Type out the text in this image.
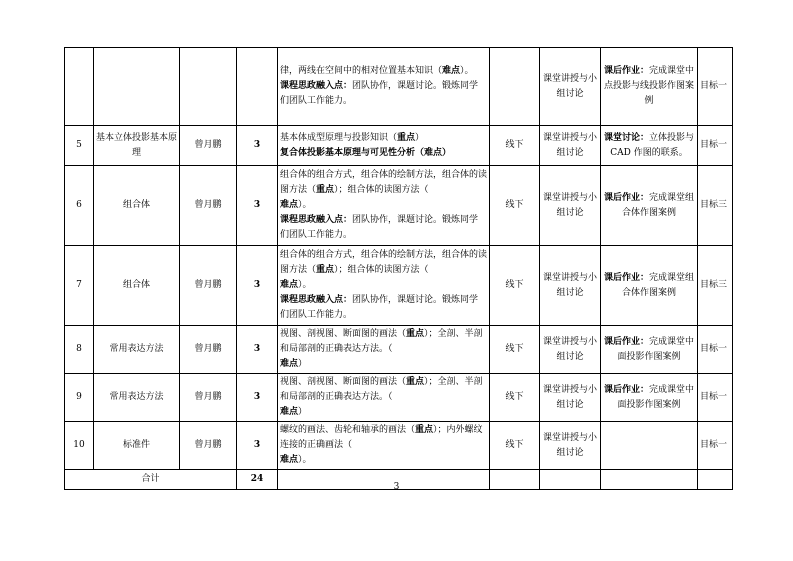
				律，两线在空间中的相对位置基本知识（难点）。
课程思政融入点：团队协作，课题讨论。锻炼同学们团队工作能力。		课堂讲授与小组讨论	课后作业：完成课堂中点投影与线投影作图案例	目标一
5	基本立体投影基本原理	曾月鹏	3	基本体成型原理与投影知识（重点）
复合体投影基本原理与可见性分析（难点）	线下	课堂讲授与小组讨论	课堂讨论：立体投影与 CAD 作图的联系。	目标一
6	组合体	曾月鹏	3	组合体的组合方式，组合体的绘制方法，组合体的读图方法（重点）；组合体的读图方法（
难点）。
课程思政融入点：团队协作，课题讨论。锻炼同学们团队工作能力。	线下	课堂讲授与小组讨论	课后作业：完成课堂组合体作图案例	目标三
7	组合体	曾月鹏	3	组合体的组合方式，组合体的绘制方法，组合体的读图方法（重点）；组合体的读图方法（
难点）。
课程思政融入点：团队协作，课题讨论。锻炼同学们团队工作能力。	线下	课堂讲授与小组讨论	课后作业：完成课堂组合体作图案例	目标三
8	常用表达方法	曾月鹏	3	视图、剖视图、断面图的画法（重点）；全剖、半剖和局部剖的正确表达方法。（
难点）	线下	课堂讲授与小组讨论	课后作业：完成课堂中面投影作图案例	目标一
9	常用表达方法	曾月鹏	3	视图、剖视图、断面图的画法（重点）；全剖、半剖和局部剖的正确表达方法。（
难点）	线下	课堂讲授与小组讨论	课后作业：完成课堂中面投影作图案例	目标一
10	标准件	曾月鹏	3	螺纹的画法、齿轮和轴承的画法（重点）；内外螺纹连接的正确画法（
难点）。	线下	课堂讲授与小组讨论		目标一
合计			24					
3
